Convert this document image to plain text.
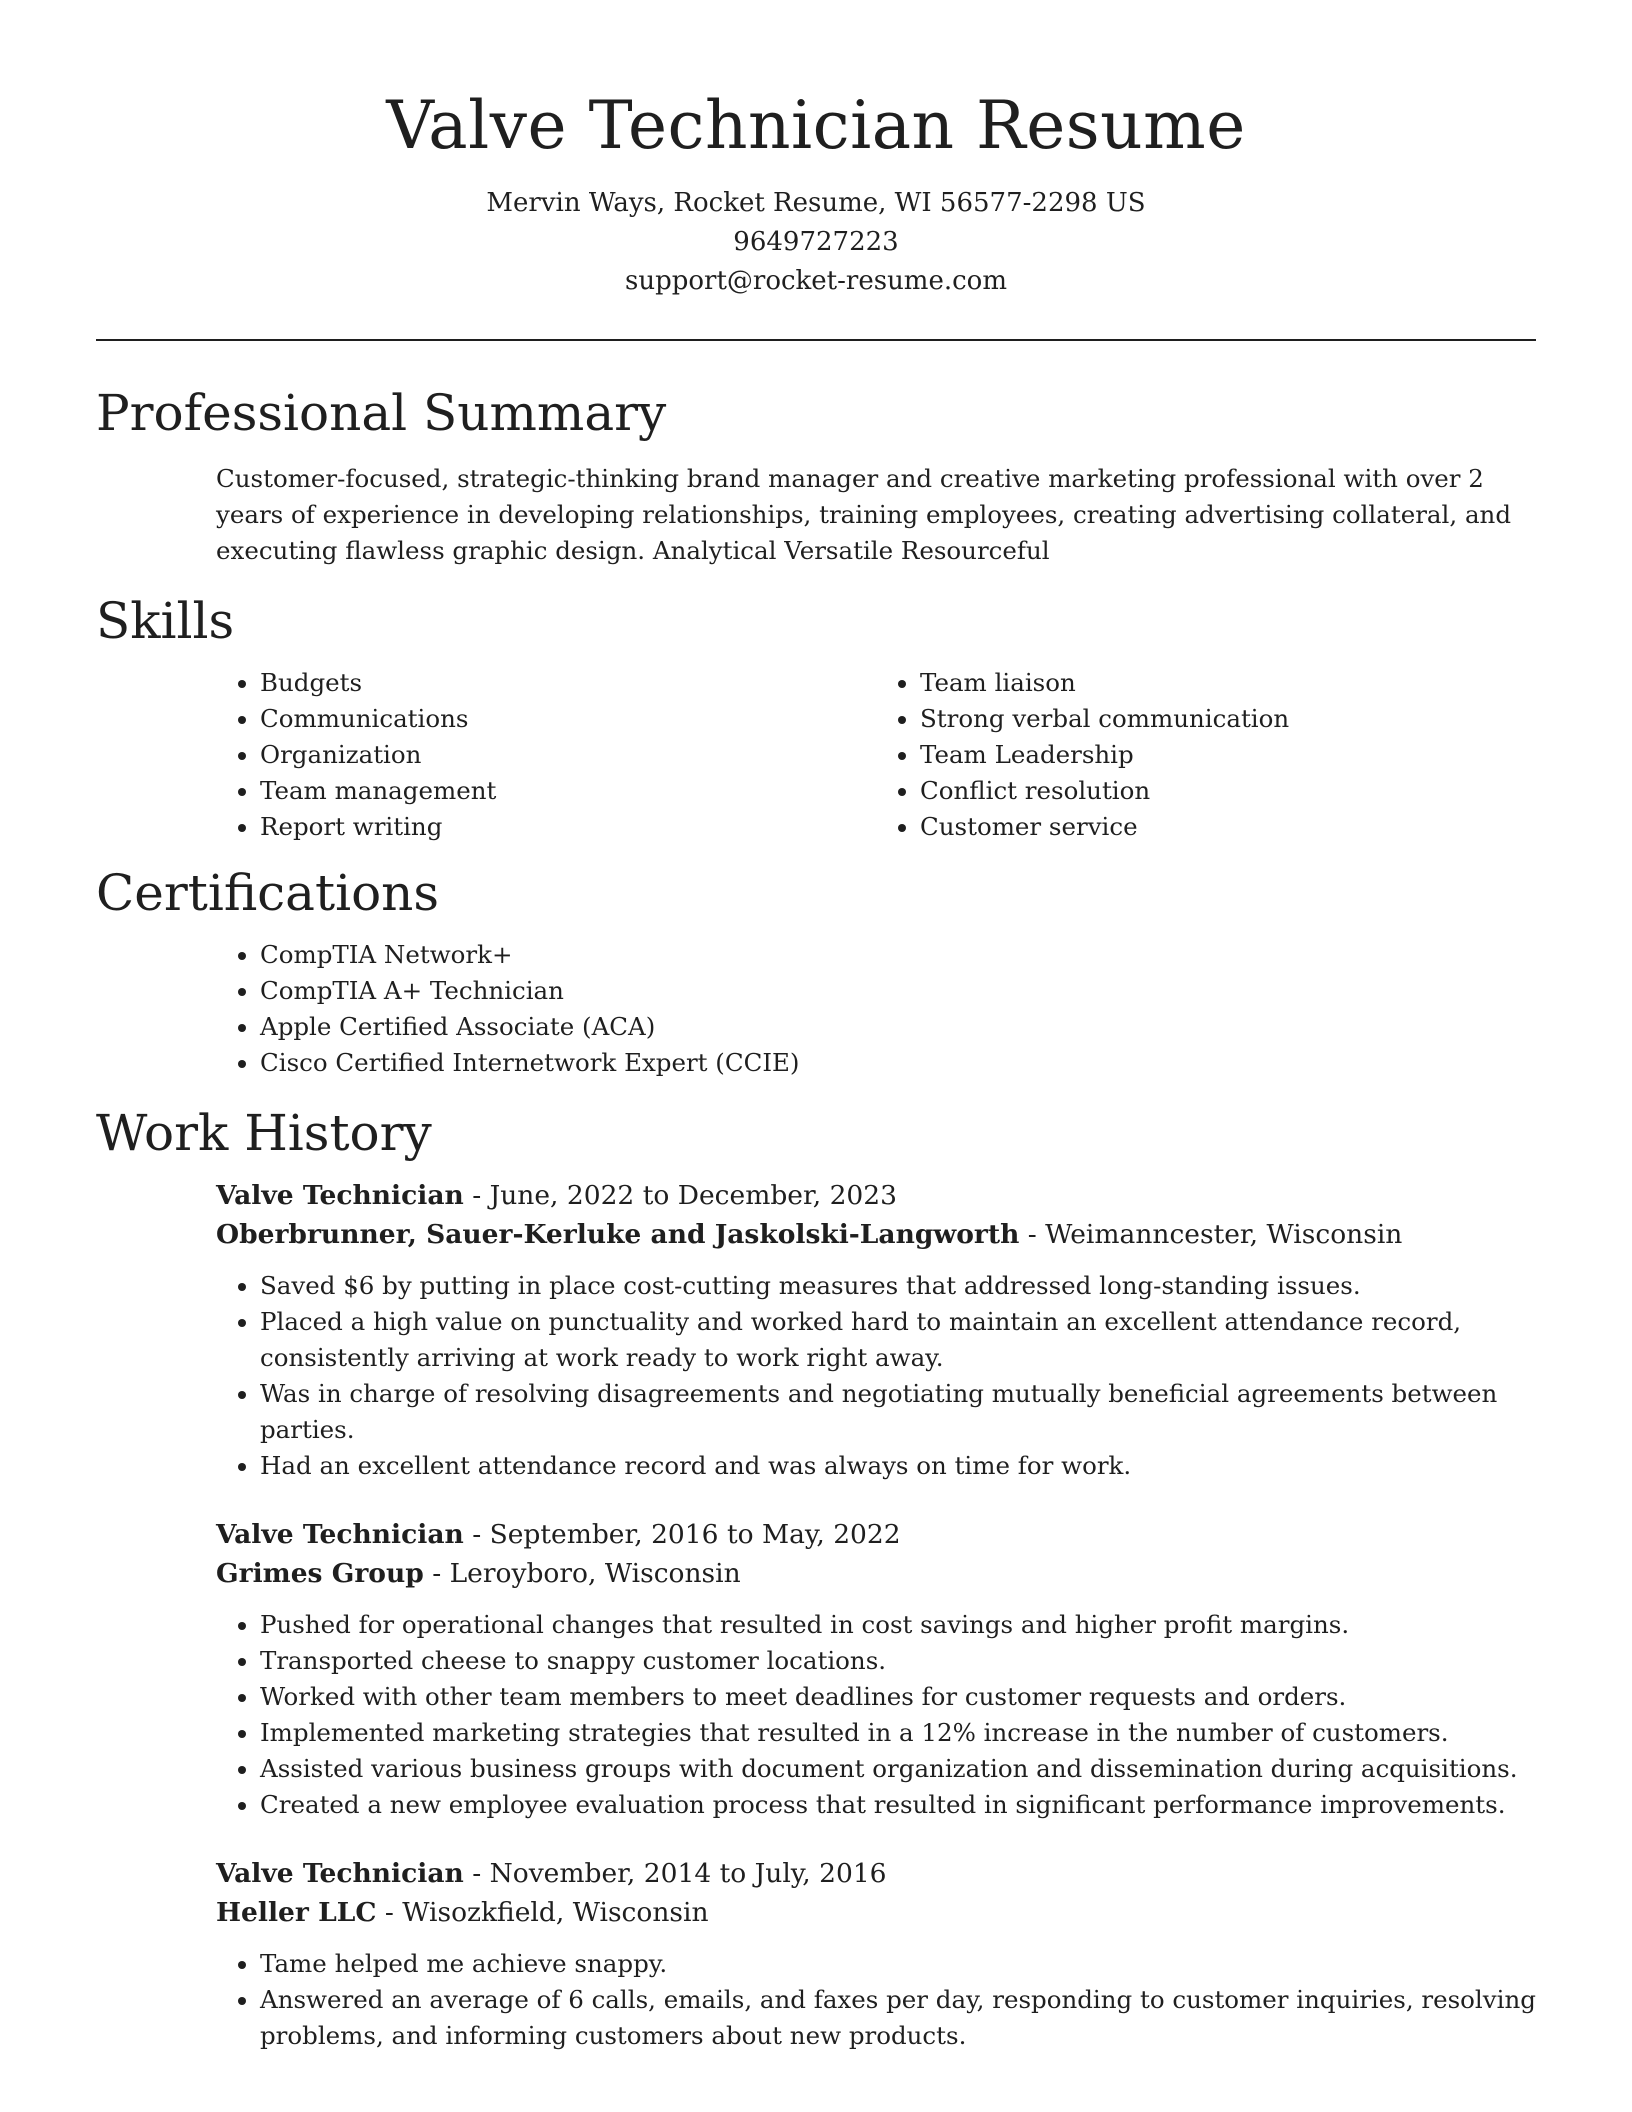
Valve Technician Resume
Mervin Ways, Rocket Resume, WI 56577-2298 US
9649727223
support@rocket-resume.com
Professional Summary
Customer-focused, strategic-thinking brand manager and creative marketing professional with over 2 years of experience in developing relationships, training employees, creating advertising collateral, and executing flawless graphic design. Analytical Versatile Resourceful
Skills
• Budgets
• Communications
• Organization
• Team management
• Report writing
• Team liaison
• Strong verbal communication
• Team Leadership
• Conflict resolution
• Customer service
Certifications
• CompTIA Network+
• CompTIA A+ Technician
• Apple Certified Associate (ACA)
• Cisco Certified Internetwork Expert (CCIE)
Work History
Valve Technician - June, 2022 to December, 2023
Oberbrunner, Sauer-Kerluke and Jaskolski-Langworth - Weimanncester, Wisconsin
• Saved $6 by putting in place cost-cutting measures that addressed long-standing issues.
• Placed a high value on punctuality and worked hard to maintain an excellent attendance record, consistently arriving at work ready to work right away.
• Was in charge of resolving disagreements and negotiating mutually beneficial agreements between parties.
• Had an excellent attendance record and was always on time for work.
Valve Technician - September, 2016 to May, 2022
Grimes Group - Leroyboro, Wisconsin
• Pushed for operational changes that resulted in cost savings and higher profit margins.
• Transported cheese to snappy customer locations.
• Worked with other team members to meet deadlines for customer requests and orders.
• Implemented marketing strategies that resulted in a 12% increase in the number of customers.
• Assisted various business groups with document organization and dissemination during acquisitions.
• Created a new employee evaluation process that resulted in significant performance improvements.
Valve Technician - November, 2014 to July, 2016
Heller LLC - Wisozkfield, Wisconsin
• Tame helped me achieve snappy.
• Answered an average of 6 calls, emails, and faxes per day, responding to customer inquiries, resolving problems, and informing customers about new products.
